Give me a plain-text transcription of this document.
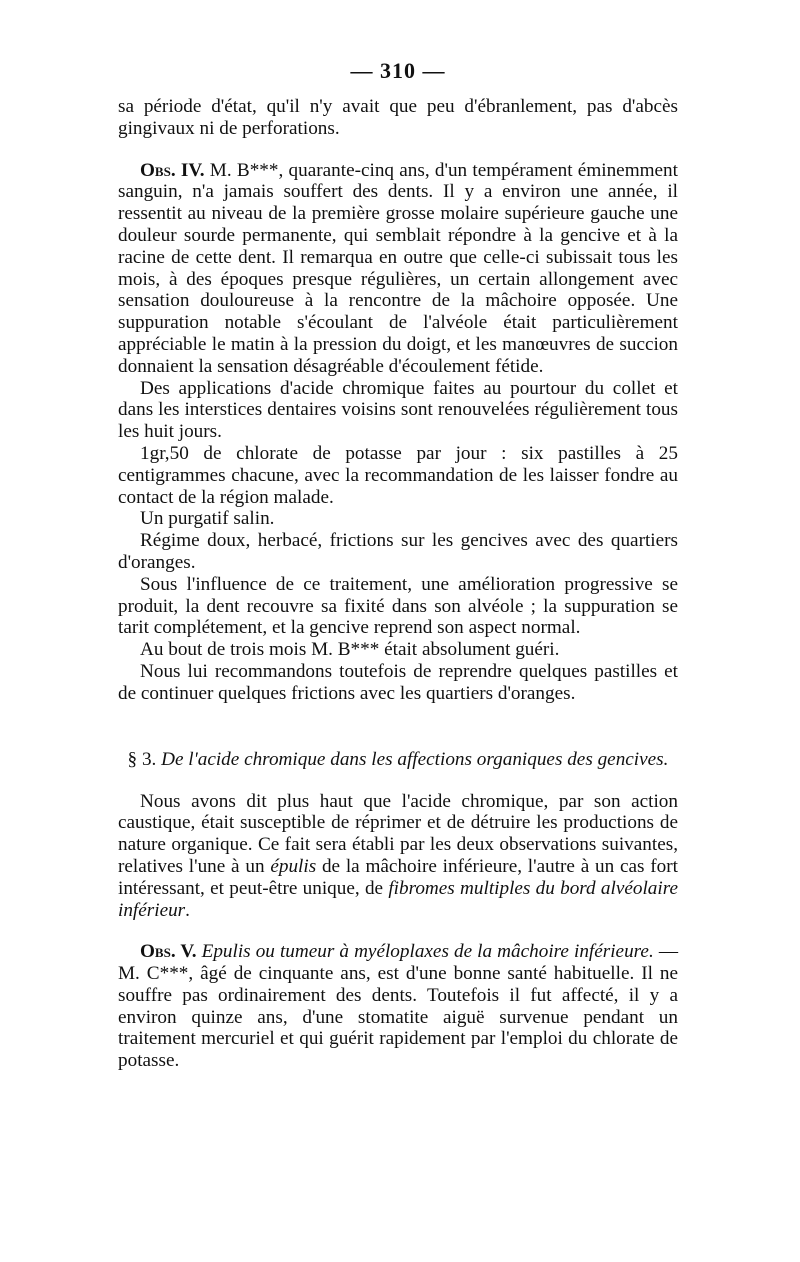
— 310 —

sa période d'état, qu'il n'y avait que peu d'ébranlement, pas d'abcès gingivaux ni de perforations.

Obs. IV. M. B***, quarante-cinq ans, d'un tempérament éminemment sanguin, n'a jamais souffert des dents. Il y a environ une année, il ressentit au niveau de la première grosse molaire supérieure gauche une douleur sourde permanente, qui semblait répondre à la gencive et à la racine de cette dent. Il remarqua en outre que celle-ci subissait tous les mois, à des époques presque régulières, un certain allongement avec sensation douloureuse à la rencontre de la mâchoire opposée. Une suppuration notable s'écoulant de l'alvéole était particulièrement appréciable le matin à la pression du doigt, et les manœuvres de succion donnaient la sensation désagréable d'écoulement fétide.

Des applications d'acide chromique faites au pourtour du collet et dans les interstices dentaires voisins sont renouvelées régulièrement tous les huit jours.

1gr,50 de chlorate de potasse par jour : six pastilles à 25 centigrammes chacune, avec la recommandation de les laisser fondre au contact de la région malade.

Un purgatif salin.

Régime doux, herbacé, frictions sur les gencives avec des quartiers d'oranges.

Sous l'influence de ce traitement, une amélioration progressive se produit, la dent recouvre sa fixité dans son alvéole ; la suppuration se tarit complétement, et la gencive reprend son aspect normal.

Au bout de trois mois M. B*** était absolument guéri.

Nous lui recommandons toutefois de reprendre quelques pastilles et de continuer quelques frictions avec les quartiers d'oranges.

§ 3. De l'acide chromique dans les affections organiques des gencives.

Nous avons dit plus haut que l'acide chromique, par son action caustique, était susceptible de réprimer et de détruire les productions de nature organique. Ce fait sera établi par les deux observations suivantes, relatives l'une à un épulis de la mâchoire inférieure, l'autre à un cas fort intéressant, et peut-être unique, de fibromes multiples du bord alvéolaire inférieur.

Obs. V. Epulis ou tumeur à myéloplaxes de la mâchoire inférieure. — M. C***, âgé de cinquante ans, est d'une bonne santé habituelle. Il ne souffre pas ordinairement des dents. Toutefois il fut affecté, il y a environ quinze ans, d'une stomatite aiguë survenue pendant un traitement mercuriel et qui guérit rapidement par l'emploi du chlorate de potasse.
